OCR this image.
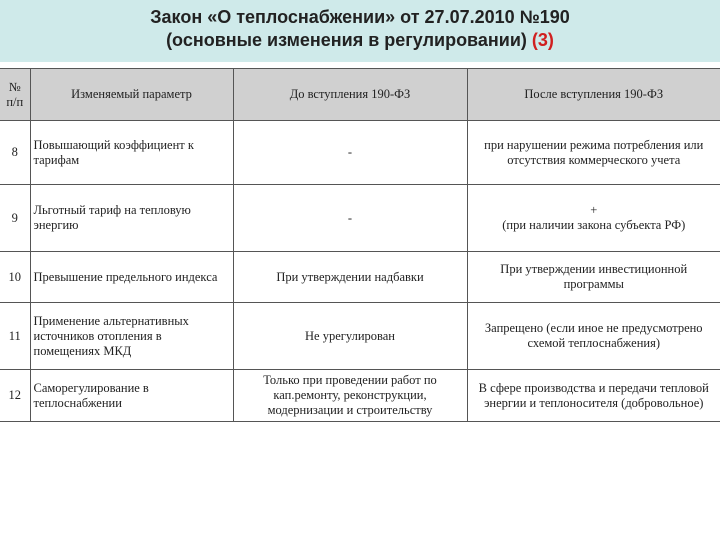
Закон «О теплоснабжении» от 27.07.2010 №190
(основные изменения в регулировании) (3)
№ п/п	Изменяемый параметр	До вступления 190-ФЗ	После вступления 190-ФЗ
8	Повышающий коэффициент к тарифам	-	при нарушении режима потребления или отсутствия коммерческого учета
9	Льготный тариф на тепловую энергию	-	+
(при наличии закона субъекта РФ)

10	Превышение предельного индекса	При утверждении надбавки	При утверждении инвестиционной программы
11	Применение альтернативных источников отопления в помещениях МКД	Не урегулирован	Запрещено (если иное не предусмотрено схемой теплоснабжения)
12	Саморегулирование в теплоснабжении	Только при проведении работ по кап.ремонту, реконструкции, модернизации и строительству	В сфере производства и передачи тепловой энергии и теплоносителя (добровольное)
